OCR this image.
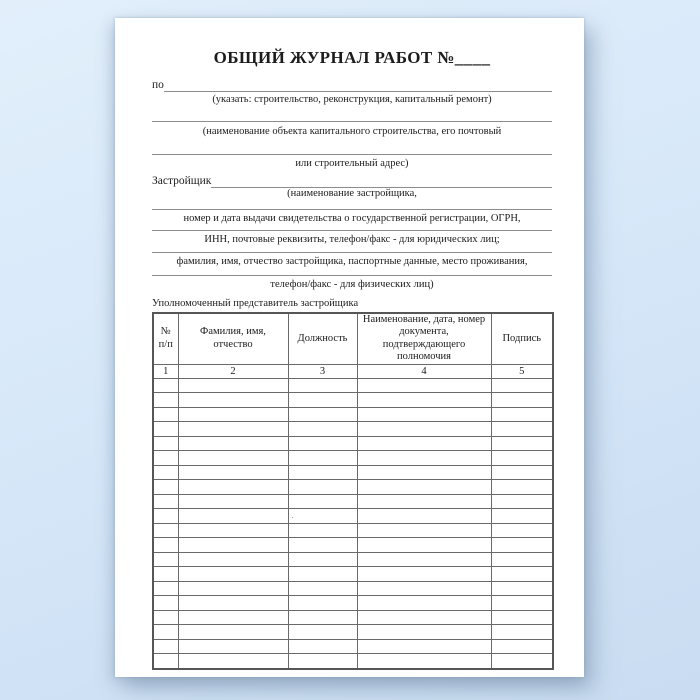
ОБЩИЙ ЖУРНАЛ РАБОТ №____
по
(указать: строительство, реконструкция, капитальный ремонт)
(наименование объекта капитального строительства, его почтовый
или строительный адрес)
Застройщик
(наименование застройщика,
номер и дата выдачи свидетельства о государственной регистрации, ОГРН,
ИНН, почтовые реквизиты, телефон/факс - для юридических лиц;
фамилия, имя, отчество застройщика, паспортные данные, место проживания,
телефон/факс - для физических лиц)
Уполномоченный представитель застройщика
№ п/п	Фамилия, имя, отчество	Должность	Наименование, дата, номер документа, подтверждающего полномочия	Подпись
1	2	3	4	5

		.		
